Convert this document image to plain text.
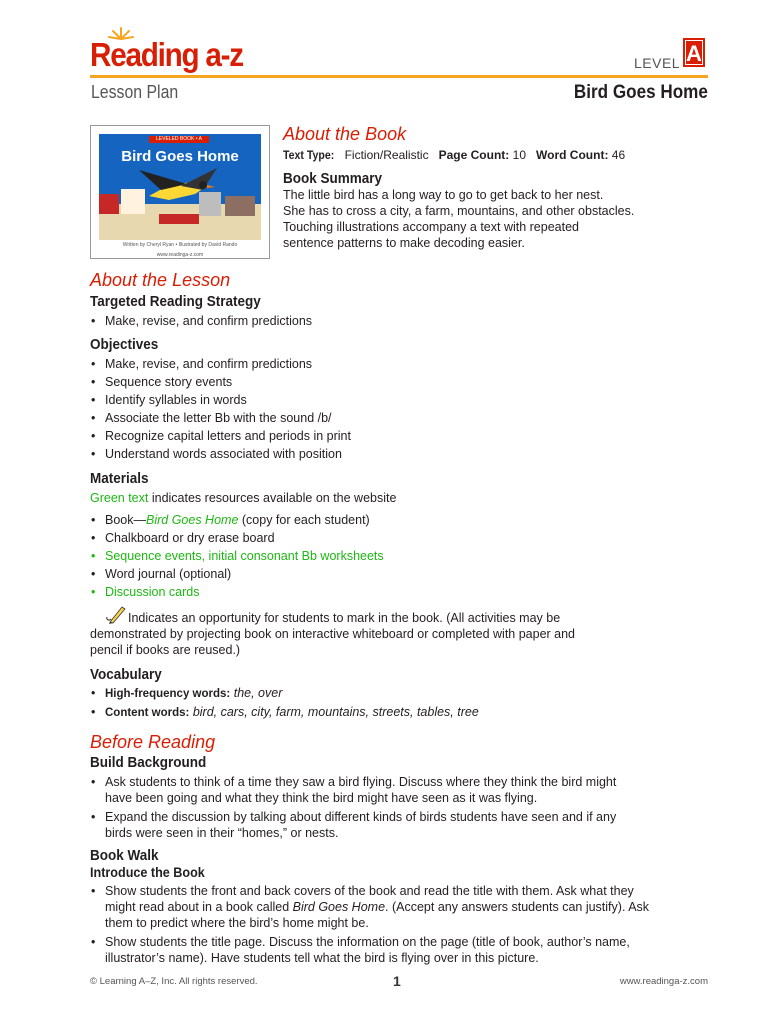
Reading a-z	LEVEL A
Lesson Plan	Bird Goes Home
LEVELED BOOK • A
Bird Goes Home
Written by Cheryl Ryan • Illustrated by David Rando
www.readinga-z.com
About the Book
Text Type: Fiction/Realistic Page Count: 10 Word Count: 46
Book Summary
The little bird has a long way to go to get back to her nest.
She has to cross a city, a farm, mountains, and other obstacles.
Touching illustrations accompany a text with repeated
sentence patterns to make decoding easier.
About the Lesson
Targeted Reading Strategy
• Make, revise, and confirm predictions
Objectives
• Make, revise, and confirm predictions
• Sequence story events
• Identify syllables in words
• Associate the letter Bb with the sound /b/
• Recognize capital letters and periods in print
• Understand words associated with position
Materials
Green text indicates resources available on the website
• Book—Bird Goes Home (copy for each student)
• Chalkboard or dry erase board
• Sequence events, initial consonant Bb worksheets
• Word journal (optional)
• Discussion cards
Indicates an opportunity for students to mark in the book. (All activities may be
demonstrated by projecting book on interactive whiteboard or completed with paper and
pencil if books are reused.)
Vocabulary
• High-frequency words: the, over
• Content words: bird, cars, city, farm, mountains, streets, tables, tree
Before Reading
Build Background
• Ask students to think of a time they saw a bird flying. Discuss where they think the bird might
have been going and what they think the bird might have seen as it was flying.
• Expand the discussion by talking about different kinds of birds students have seen and if any
birds were seen in their “homes,” or nests.
Book Walk
Introduce the Book
• Show students the front and back covers of the book and read the title with them. Ask what they
might read about in a book called Bird Goes Home. (Accept any answers students can justify). Ask
them to predict where the bird’s home might be.
• Show students the title page. Discuss the information on the page (title of book, author’s name,
illustrator’s name). Have students tell what the bird is flying over in this picture.
© Learning A–Z, Inc. All rights reserved.	1	www.readinga-z.com
